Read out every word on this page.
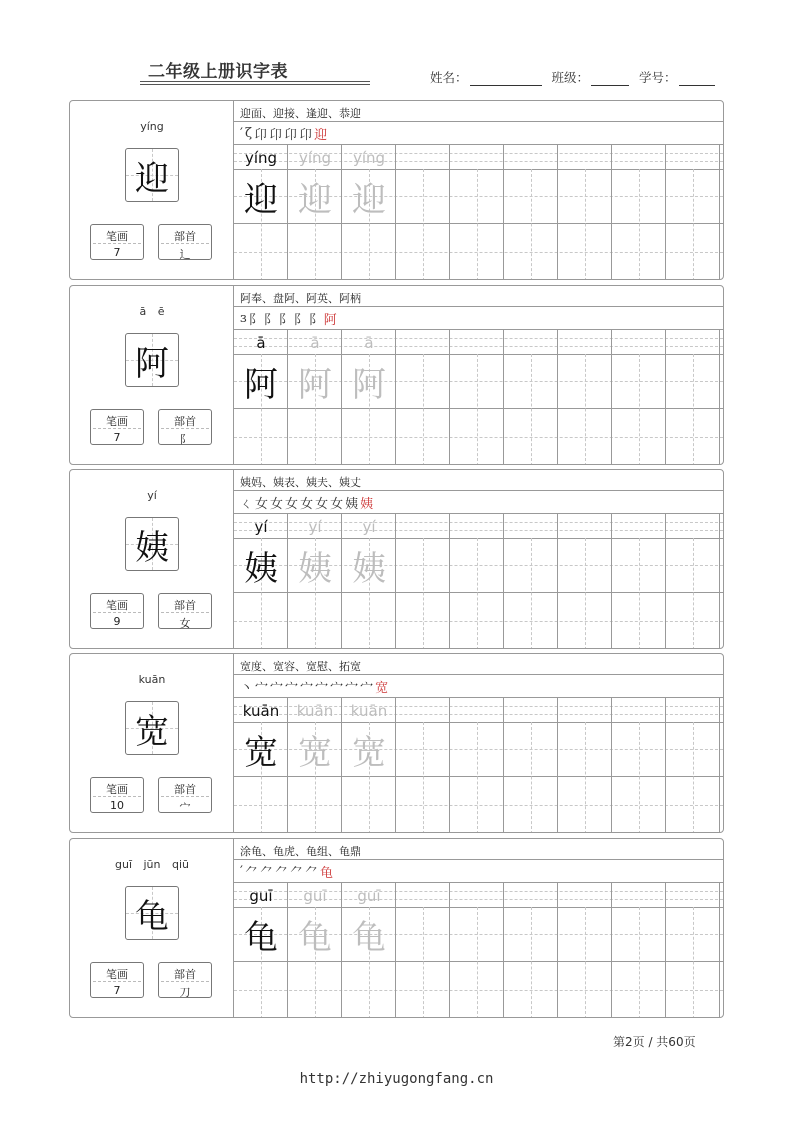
二年级上册识字表	姓名：	班级：	学号：
yíng
迎
笔画
7
部首
辶
迎面、迎接、逢迎、恭迎
′ ζ 卬 卬 卬 卬 迎
yíng
迎
yíng
迎
yíng
迎
ā ē
阿
笔画
7
部首
阝
阿奉、盘阿、阿英、阿柄
ɜ 阝 阝 阝 阝 阝 阿
ā
阿
ā
阿
ā
阿
yí
姨
笔画
9
部首
女
姨妈、姨表、姨夫、姨丈
ㄑ 女 女 女 女 女 女 姨 姨
yí
姨
yí
姨
yí
姨
kuān
宽
笔画
10
部首
宀
宽度、宽容、宽慰、拓宽
丶 宀 宀 宀 宀 宀 宀 宀 宀 宽
kuān
宽
kuān
宽
kuān
宽
guī jūn qiū
龟
笔画
7
部首
刀
涂龟、龟虎、龟组、龟鼎
′ ⺈ ⺈ ⺈ ⺈ ⺈ 龟
guī
龟
guī
龟
guī
龟
第2页 / 共60页
http://zhiyugongfang.cn
